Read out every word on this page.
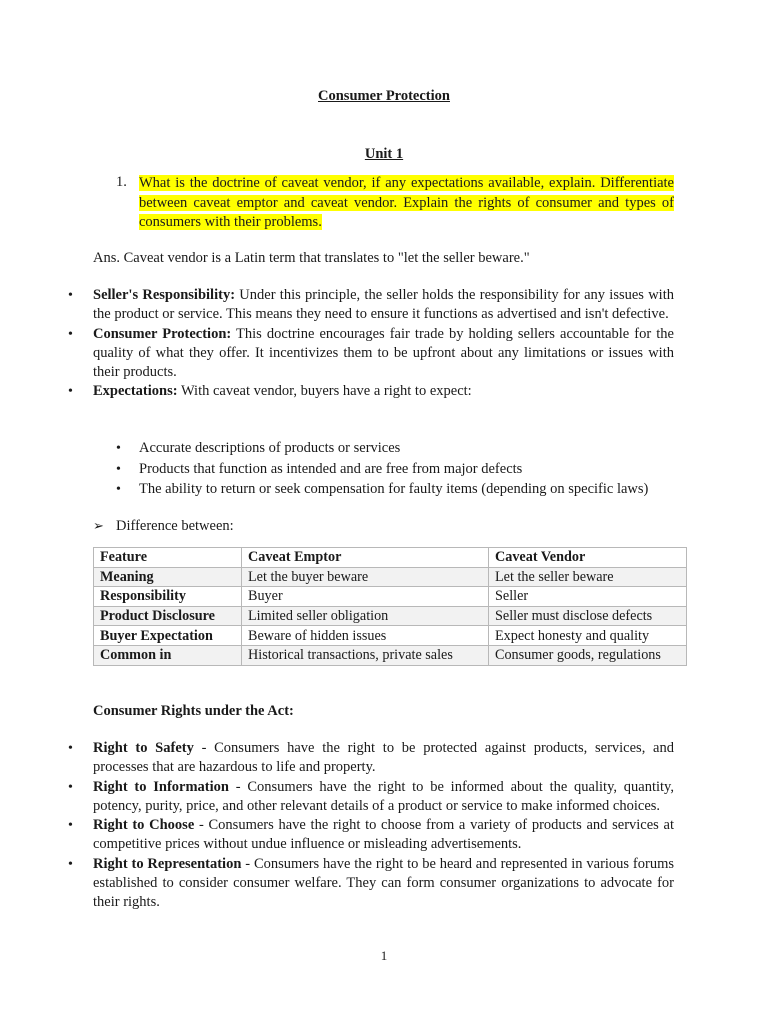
Consumer Protection
Unit 1
1. What is the doctrine of caveat vendor, if any expectations available, explain. Differentiate between caveat emptor and caveat vendor. Explain the rights of consumer and types of consumers with their problems.
Ans. Caveat vendor is a Latin term that translates to "let the seller beware."
• Seller's Responsibility: Under this principle, the seller holds the responsibility for any issues with the product or service. This means they need to ensure it functions as advertised and isn't defective.
• Consumer Protection: This doctrine encourages fair trade by holding sellers accountable for the quality of what they offer. It incentivizes them to be upfront about any limitations or issues with their products.
• Expectations: With caveat vendor, buyers have a right to expect:
• Accurate descriptions of products or services
• Products that function as intended and are free from major defects
• The ability to return or seek compensation for faulty items (depending on specific laws)
➢ Difference between:
Feature	Caveat Emptor	Caveat Vendor
Meaning	Let the buyer beware	Let the seller beware
Responsibility	Buyer	Seller
Product Disclosure	Limited seller obligation	Seller must disclose defects
Buyer Expectation	Beware of hidden issues	Expect honesty and quality
Common in	Historical transactions, private sales	Consumer goods, regulations
Consumer Rights under the Act:
• Right to Safety - Consumers have the right to be protected against products, services, and processes that are hazardous to life and property.
• Right to Information - Consumers have the right to be informed about the quality, quantity, potency, purity, price, and other relevant details of a product or service to make informed choices.
• Right to Choose - Consumers have the right to choose from a variety of products and services at competitive prices without undue influence or misleading advertisements.
• Right to Representation - Consumers have the right to be heard and represented in various forums established to consider consumer welfare. They can form consumer organizations to advocate for their rights.
1
